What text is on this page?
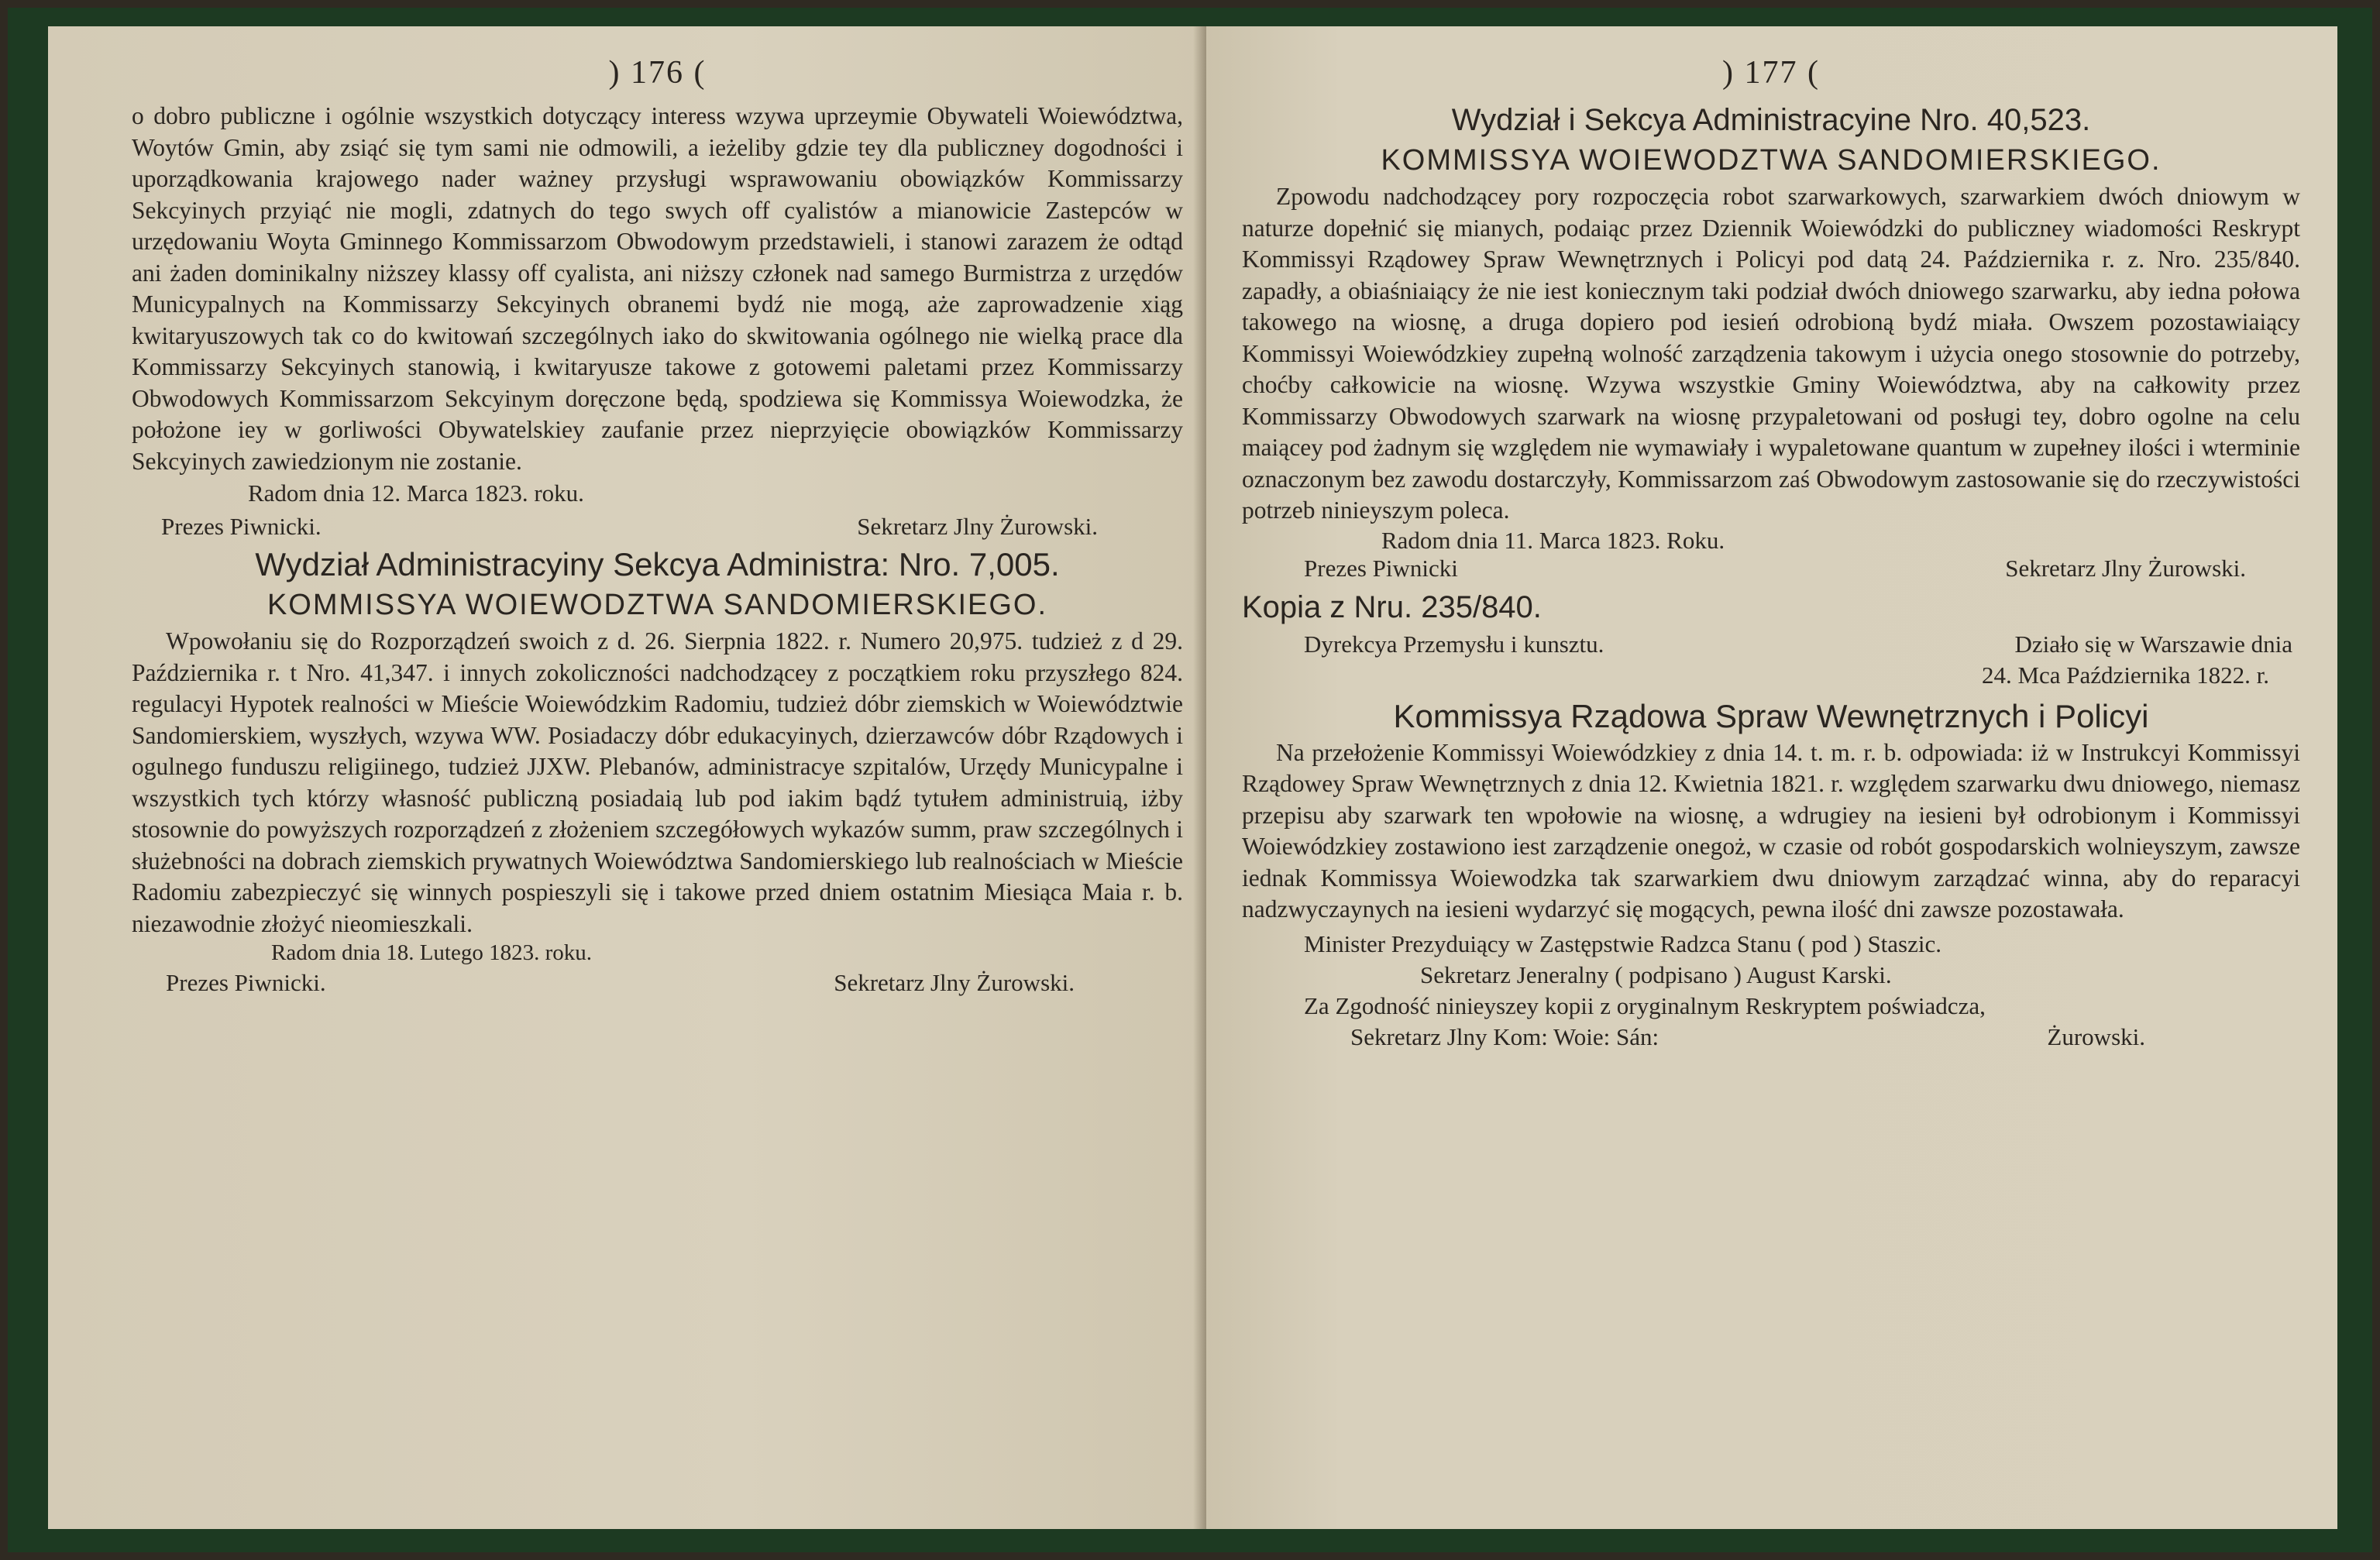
) 176 (

o dobro publiczne i ogólnie wszystkich dotyczący interess wzywa uprzeymie Obywateli Woiewództwa, Woytów Gmin, aby zsiąć się tym sami nie odmowili, a ieżeliby gdzie tey dla publiczney dogodności i uporządkowania krajowego nader ważney przysługi wsprawowaniu obowiązków Kommissarzy Sekcyinych przyiąć nie mogli, zdatnych do tego swych off cyalistów a mianowicie Zastepców w urzędowaniu Woyta Gminnego Kommissarzom Obwodowym przedstawieli, i stanowi zarazem że odtąd ani żaden dominikalny niższey klassy off cyalista, ani niższy członek nad samego Burmistrza z urzędów Municypalnych na Kommissarzy Sekcyinych obranemi bydź nie mogą, aże zaprowadzenie xiąg kwitaryuszowych tak co do kwitowań szczególnych iako do skwitowania ogólnego nie wielką prace dla Kommissarzy Sekcyinych stanowią, i kwitaryusze takowe z gotowemi paletami przez Kommissarzy Obwodowych Kommissarzom Sekcyinym doręczone będą, spodziewa się Kommissya Woiewodzka, że położone iey w gorliwości Obywatelskiey zaufanie przez nieprzyięcie obowiązków Kommissarzy Sekcyinych zawiedzionym nie zostanie.

Radom dnia 12. Marca 1823. roku.
Prezes Piwnicki.	Sekretarz Jlny Żurowski.
Wydział Administracyiny Sekcya Administra: Nro. 7,005.
KOMMISSYA WOIEWODZTWA SANDOMIERSKIEGO.

Wpowołaniu się do Rozporządzeń swoich z d. 26. Sierpnia 1822. r. Numero 20,975. tudzież z d 29. Października r. t Nro. 41,347. i innych zokoliczności nadchodzącey z początkiem roku przyszłego 824. regulacyi Hypotek realności w Mieście Woiewódzkim Radomiu, tudzież dóbr ziemskich w Woiewództwie Sandomierskiem, wyszłych, wzywa WW. Posiadaczy dóbr edukacyinych, dzierzawców dóbr Rządowych i ogulnego funduszu religiinego, tudzież JJXW. Plebanów, administracye szpitalów, Urzędy Municypalne i wszystkich tych którzy własność publiczną posiadaią lub pod iakim bądź tytułem administruią, iżby stosownie do powyższych rozporządzeń z złożeniem szczegółowych wykazów summ, praw szczególnych i służebności na dobrach ziemskich prywatnych Woiewództwa Sandomierskiego lub realnościach w Mieście Radomiu zabezpieczyć się winnych pospieszyli się i takowe przed dniem ostatnim Miesiąca Maia r. b. niezawodnie złożyć nieomieszkali.

Radom dnia 18. Lutego 1823. roku.
Prezes Piwnicki.	Sekretarz Jlny Żurowski.
) 177 (
Wydział i Sekcya Administracyine Nro. 40,523.
KOMMISSYA WOIEWODZTWA SANDOMIERSKIEGO.

Zpowodu nadchodzącey pory rozpoczęcia robot szarwarkowych, szarwarkiem dwóch dniowym w naturze dopełnić się mianych, podaiąc przez Dziennik Woiewódzki do publiczney wiadomości Reskrypt Kommissyi Rządowey Spraw Wewnętrznych i Policyi pod datą 24. Października r. z. Nro. 235/840. zapadły, a obiaśniaiący że nie iest koniecznym taki podział dwóch dniowego szarwarku, aby iedna połowa takowego na wiosnę, a druga dopiero pod iesień odrobioną bydź miała. Owszem pozostawiaiący Kommissyi Woiewódzkiey zupełną wolność zarządzenia takowym i użycia onego stosownie do potrzeby, choćby całkowicie na wiosnę. Wzywa wszystkie Gminy Woiewództwa, aby na całkowity przez Kommissarzy Obwodowych szarwark na wiosnę przypaletowani od posługi tey, dobro ogolne na celu maiącey pod żadnym się względem nie wymawiały i wypaletowane quantum w zupełney ilości i wterminie oznaczonym bez zawodu dostarczyły, Kommissarzom zaś Obwodowym zastosowanie się do rzeczywistości potrzeb ninieyszym poleca.

Radom dnia 11. Marca 1823. Roku.
Prezes Piwnicki	Sekretarz Jlny Żurowski.
Kopia z Nru. 235/840.
Dyrekcya Przemysłu i kunsztu.	Działo się w Warszawie dnia
24. Mca Października 1822. r.
Kommissya Rządowa Spraw Wewnętrznych i Policyi

Na przełożenie Kommissyi Woiewódzkiey z dnia 14. t. m. r. b. odpowiada: iż w Instrukcyi Kommissyi Rządowey Spraw Wewnętrznych z dnia 12. Kwietnia 1821. r. względem szarwarku dwu dniowego, niemasz przepisu aby szarwark ten wpołowie na wiosnę, a wdrugiey na iesieni był odrobionym i Kommissyi Woiewódzkiey zostawiono iest zarządzenie onegoż, w czasie od robót gospodarskich wolnieyszym, zawsze iednak Kommissya Woiewodzka tak szarwarkiem dwu dniowym zarządzać winna, aby do reparacyi nadzwyczaynych na iesieni wydarzyć się mogących, pewna ilość dni zawsze pozostawała.

Minister Prezyduiący w Zastępstwie Radzca Stanu ( pod ) Staszic.
Sekretarz Jeneralny ( podpisano ) August Karski.
Za Zgodność ninieyszey kopii z oryginalnym Reskryptem poświadcza,
Sekretarz Jlny Kom: Woie: Sán:	Żurowski.
